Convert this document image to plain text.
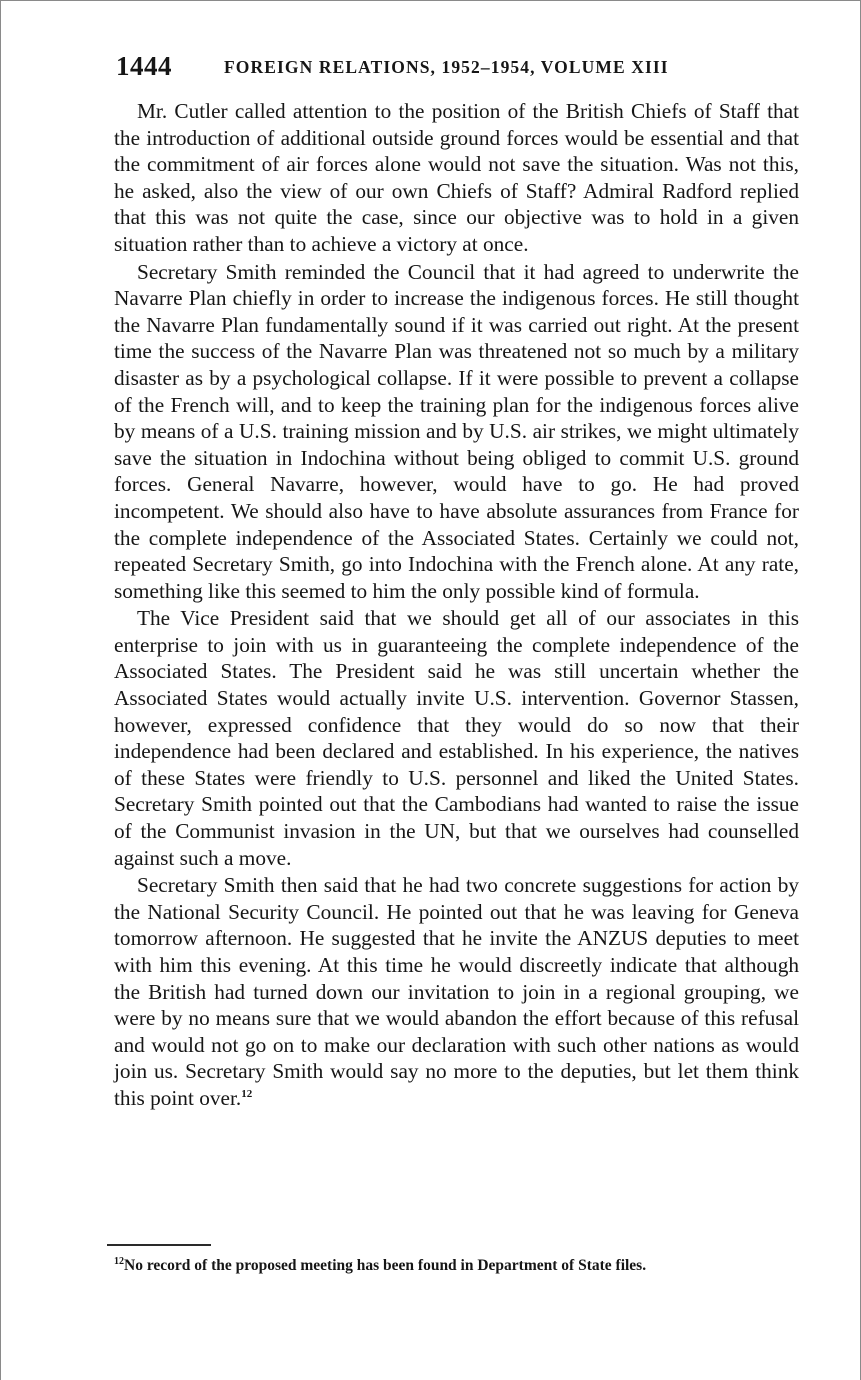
1444	FOREIGN RELATIONS, 1952–1954, VOLUME XIII

Mr. Cutler called attention to the position of the British Chiefs of Staff that the introduction of additional outside ground forces would be essential and that the commitment of air forces alone would not save the situation. Was not this, he asked, also the view of our own Chiefs of Staff? Admiral Radford replied that this was not quite the case, since our objective was to hold in a given situation rather than to achieve a victory at once.

Secretary Smith reminded the Council that it had agreed to underwrite the Navarre Plan chiefly in order to increase the indigenous forces. He still thought the Navarre Plan fundamentally sound if it was carried out right. At the present time the success of the Navarre Plan was threatened not so much by a military disaster as by a psychological collapse. If it were possible to prevent a collapse of the French will, and to keep the training plan for the indigenous forces alive by means of a U.S. training mission and by U.S. air strikes, we might ultimately save the situation in Indochina without being obliged to commit U.S. ground forces. General Navarre, however, would have to go. He had proved incompetent. We should also have to have absolute assurances from France for the complete independence of the Associated States. Certainly we could not, repeated Secretary Smith, go into Indochina with the French alone. At any rate, something like this seemed to him the only possible kind of formula.

The Vice President said that we should get all of our associates in this enterprise to join with us in guaranteeing the complete independence of the Associated States. The President said he was still uncertain whether the Associated States would actually invite U.S. intervention. Governor Stassen, however, expressed confidence that they would do so now that their independence had been declared and established. In his experience, the natives of these States were friendly to U.S. personnel and liked the United States. Secretary Smith pointed out that the Cambodians had wanted to raise the issue of the Communist invasion in the UN, but that we ourselves had counselled against such a move.

Secretary Smith then said that he had two concrete suggestions for action by the National Security Council. He pointed out that he was leaving for Geneva tomorrow afternoon. He suggested that he invite the ANZUS deputies to meet with him this evening. At this time he would discreetly indicate that although the British had turned down our invitation to join in a regional grouping, we were by no means sure that we would abandon the effort because of this refusal and would not go on to make our declaration with such other nations as would join us. Secretary Smith would say no more to the deputies, but let them think this point over.$^{12}$

$^{12}$No record of the proposed meeting has been found in Department of State files.
